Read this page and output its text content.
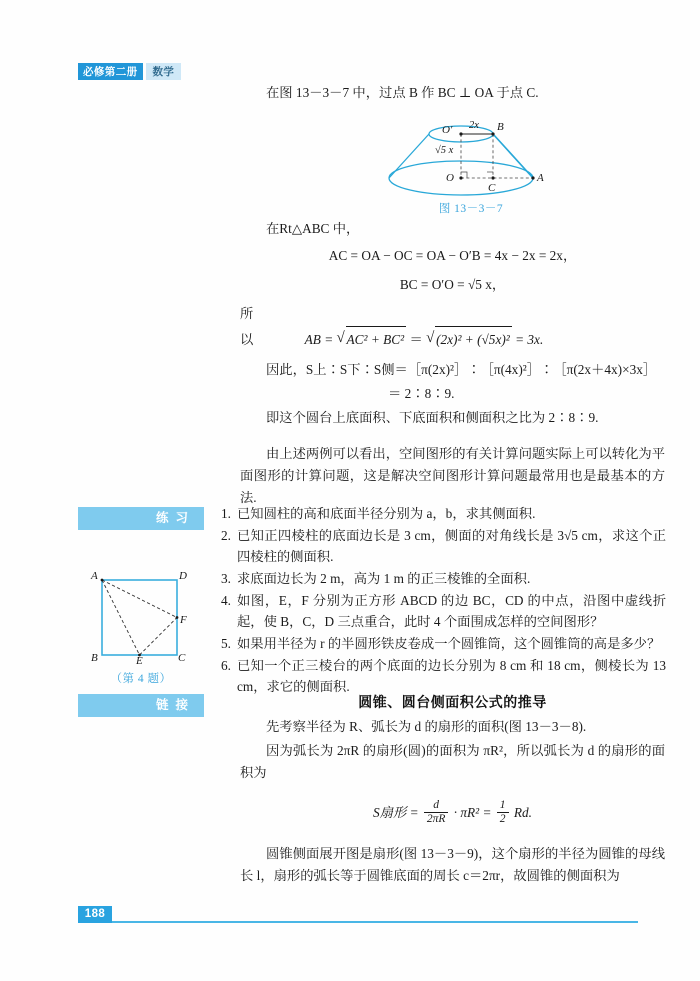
必修第二册	数学

在图 13－3－7 中，过点 B 作 BC ⊥ OA 于点 C.

O′ 2x B
√5 x
O
C
A
图 13－3－7

在Rt△ABC 中，

AC = OA − OC = OA − O′B = 4x − 2x = 2x，
BC = O′O = √5 x，
所以	AB = √ AC² + BC² ＝ √ (2x)² + (√5x)² = 3x.

因此，S上∶S下∶S侧＝［π(2x)²］∶［π(4x)²］∶［π(2x＋4x)×3x］

＝ 2∶8∶9.

即这个圆台上底面积、下底面积和侧面积之比为 2∶8∶9.

由上述两例可以看出，空间图形的有关计算问题实际上可以转化为平面图形的计算问题，这是解决空间图形计算问题最常用也是最基本的方法.

练习	1. 已知圆柱的高和底面半径分别为 a，b，求其侧面积.
2. 已知正四棱柱的底面边长是 3 cm，侧面的对角线长是 3√5 cm，求这个正四棱柱的侧面积.
3. 求底面边长为 2 m，高为 1 m 的正三棱锥的全面积.
4. 如图，E，F 分别为正方形 ABCD 的边 BC，CD 的中点，沿图中虚线折起，使 B，C，D 三点重合，此时 4 个面围成怎样的空间图形？
5. 如果用半径为 r 的半圆形铁皮卷成一个圆锥筒，这个圆锥筒的高是多少？
6. 已知一个正三棱台的两个底面的边长分别为 8 cm 和 18 cm，侧棱长为 13 cm，求它的侧面积.
A	D
F
B	E	C
（第 4 题）
链接	圆锥、圆台侧面积公式的推导

先考察半径为 R、弧长为 d 的扇形的面积(图 13－3－8).

因为弧长为 2πR 的扇形(圆)的面积为 πR²，所以弧长为 d 的扇形的面积为

S扇形 = $\frac{d}{2\pi R} \cdot \pi R^2 = \frac{1}{2} Rd$.

圆锥侧面展开图是扇形(图 13－3－9)，这个扇形的半径为圆锥的母线长 l，扇形的弧长等于圆锥底面的周长 c＝2πr，故圆锥的侧面积为

188
